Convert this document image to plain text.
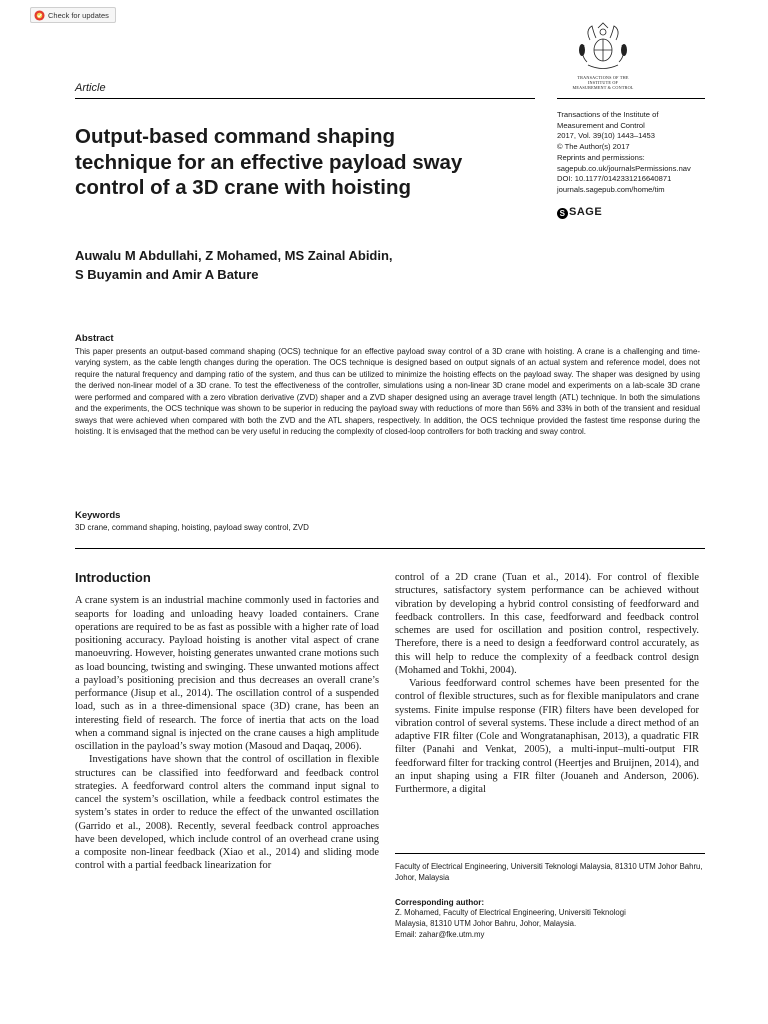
Check for updates
TRANSACTIONS OF THE
INSTITUTE OF
MEASUREMENT & CONTROL
Article
Transactions of the Institute of
Measurement and Control
2017, Vol. 39(10) 1443–1453
© The Author(s) 2017
Reprints and permissions:
sagepub.co.uk/journalsPermissions.nav
DOI: 10.1177/0142331216640871
journals.sagepub.com/home/tim
S SAGE
Output-based command shaping technique for an effective payload sway control of a 3D crane with hoisting
Auwalu M Abdullahi, Z Mohamed, MS Zainal Abidin,
S Buyamin and Amir A Bature
Abstract
This paper presents an output-based command shaping (OCS) technique for an effective payload sway control of a 3D crane with hoisting. A crane is a challenging and time-varying system, as the cable length changes during the operation. The OCS technique is designed based on output signals of an actual system and reference model, does not require the natural frequency and damping ratio of the system, and thus can be utilized to minimize the hoisting effects on the payload sway. The shaper was designed by using the derived non-linear model of a 3D crane. To test the effectiveness of the controller, simulations using a non-linear 3D crane model and experiments on a lab-scale 3D crane were performed and compared with a zero vibration derivative (ZVD) shaper and a ZVD shaper designed using an average travel length (ATL) technique. In both the simulations and the experiments, the OCS technique was shown to be superior in reducing the payload sway with reductions of more than 56% and 33% in both of the transient and residual sways that were achieved when compared with both the ZVD and the ATL shapers, respectively. In addition, the OCS technique provided the fastest time response during the hoisting. It is envisaged that the method can be very useful in reducing the complexity of closed-loop controllers for both tracking and sway control.
Keywords
3D crane, command shaping, hoisting, payload sway control, ZVD
Introduction

A crane system is an industrial machine commonly used in factories and seaports for loading and unloading heavy loaded containers. Crane operations are required to be as fast as possible with a higher rate of load positioning accuracy. Payload hoisting is another vital aspect of crane manoeuvring. However, hoisting generates unwanted crane motions such as load bouncing, twisting and swinging. These unwanted motions affect a payload’s positioning precision and thus decreases an overall crane’s performance (Jisup et al., 2014). The oscillation control of a suspended load, such as in a three-dimensional space (3D) crane, has been an interesting field of research. The force of inertia that acts on the load when a command signal is injected on the crane causes a high amplitude oscillation in the payload’s sway motion (Masoud and Daqaq, 2006).

Investigations have shown that the control of oscillation in flexible structures can be classified into feedforward and feedback control strategies. A feedforward control alters the command input signal to cancel the system’s oscillation, while a feedback control estimates the system’s states in order to reduce the effect of the unwanted oscillation (Garrido et al., 2008). Recently, several feedback control approaches have been developed, which include control of an overhead crane using a composite non-linear feedback (Xiao et al., 2014) and sliding mode control with a partial feedback linearization for

control of a 2D crane (Tuan et al., 2014). For control of flexible structures, satisfactory system performance can be achieved without vibration by developing a hybrid control consisting of feedforward and feedback controllers. In this case, feedforward and feedback control schemes are used for oscillation and position control, respectively. Therefore, there is a need to design a feedforward control accurately, as this will help to reduce the complexity of a feedback control design (Mohamed and Tokhi, 2004).

Various feedforward control schemes have been presented for the control of flexible structures, such as for flexible manipulators and crane systems. Finite impulse response (FIR) filters have been developed for vibration control of several systems. These include a direct method of an adaptive FIR filter (Cole and Wongratanaphisan, 2013), a quadratic FIR filter (Panahi and Venkat, 2005), a multi-input–multi-output FIR feedforward filter for tracking control (Heertjes and Bruijnen, 2014), and an input shaping using a FIR filter (Jouaneh and Anderson, 2006). Furthermore, a digital

Faculty of Electrical Engineering, Universiti Teknologi Malaysia, 81310 UTM Johor Bahru, Johor, Malaysia
Corresponding author:
Z. Mohamed, Faculty of Electrical Engineering, Universiti Teknologi
Malaysia, 81310 UTM Johor Bahru, Johor, Malaysia.
Email: zahar@fke.utm.my
